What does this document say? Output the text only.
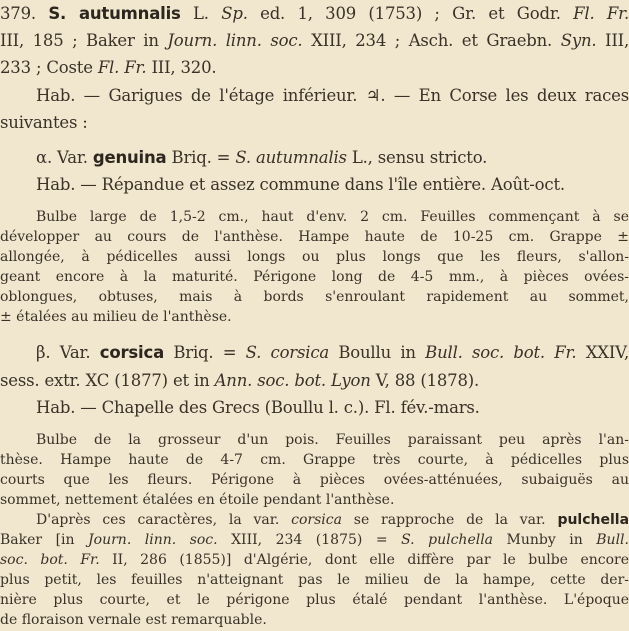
379. S. autumnalis L. Sp. ed. 1, 309 (1753) ; Gr. et Godr. Fl. Fr.
III, 185 ; Baker in Journ. linn. soc. XIII, 234 ; Asch. et Graebn. Syn. III,
233 ; Coste Fl. Fr. III, 320.
Hab. — Garigues de l'étage inférieur. ♃. — En Corse les deux races
suivantes :
α. Var. genuina Briq. = S. autumnalis L., sensu stricto.
Hab. — Répandue et assez commune dans l'île entière. Août-oct.
Bulbe large de 1,5-2 cm., haut d'env. 2 cm. Feuilles commençant à se
développer au cours de l'anthèse. Hampe haute de 10-25 cm. Grappe ±
allongée, à pédicelles aussi longs ou plus longs que les fleurs, s'allon-
geant encore à la maturité. Périgone long de 4-5 mm., à pièces ovées-
oblongues, obtuses, mais à bords s'enroulant rapidement au sommet,
± étalées au milieu de l'anthèse.
β. Var. corsica Briq. = S. corsica Boullu in Bull. soc. bot. Fr. XXIV,
sess. extr. XC (1877) et in Ann. soc. bot. Lyon V, 88 (1878).
Hab. — Chapelle des Grecs (Boullu l. c.). Fl. fév.-mars.
Bulbe de la grosseur d'un pois. Feuilles paraissant peu après l'an-
thèse. Hampe haute de 4-7 cm. Grappe très courte, à pédicelles plus
courts que les fleurs. Périgone à pièces ovées-atténuées, subaiguës au
sommet, nettement étalées en étoile pendant l'anthèse.
D'après ces caractères, la var. corsica se rapproche de la var. pulchella
Baker [in Journ. linn. soc. XIII, 234 (1875) = S. pulchella Munby in Bull.
soc. bot. Fr. II, 286 (1855)] d'Algérie, dont elle diffère par le bulbe encore
plus petit, les feuilles n'atteignant pas le milieu de la hampe, cette der-
nière plus courte, et le périgone plus étalé pendant l'anthèse. L'époque
de floraison vernale est remarquable.
